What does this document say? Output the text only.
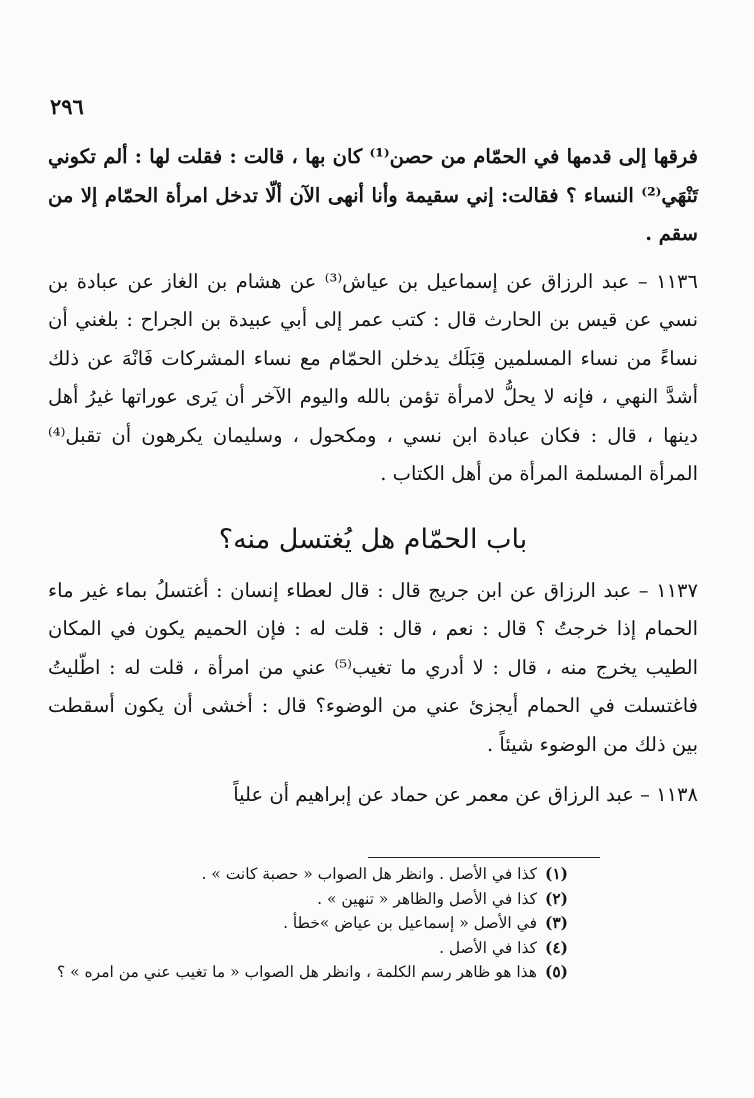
٢٩٦

فرقها إلى قدمها في الحمّام من حصن⁽¹⁾ كان بها ، قالت : فقلت لها : ألم تكوني تَنْهَي⁽²⁾ النساء ؟ فقالت: إني سقيمة وأنا أنهى الآن ألّا تدخل امرأة الحمّام إلا من سقم .

١١٣٦ – عبد الرزاق عن إسماعيل بن عياش⁽³⁾ عن هشام بن الغاز عن عبادة بن نسي عن قيس بن الحارث قال : كتب عمر إلى أبي عبيدة بن الجراح : بلغني أن نساءً من نساء المسلمين قِبَلَك يدخلن الحمّام مع نساء المشركات فَانْهَ عن ذلك أشدَّ النهي ، فإنه لا يحلُّ لامرأة تؤمن بالله واليوم الآخر أن يَرى عوراتها غيرُ أهل دينها ، قال : فكان عبادة ابن نسي ، ومكحول ، وسليمان يكرهون أن تقبل⁽⁴⁾ المرأة المسلمة المرأة من أهل الكتاب .

باب الحمّام هل يُغتسل منه؟

١١٣٧ – عبد الرزاق عن ابن جريج قال : قال لعطاء إنسان : أغتسلُ بماء غير ماء الحمام إذا خرجتُ ؟ قال : نعم ، قال : قلت له : فإن الحميم يكون في المكان الطيب يخرج منه ، قال : لا أدري ما تغيب⁽⁵⁾ عني من امرأة ، قلت له : اطّليتُ فاغتسلت في الحمام أيجزئ عني من الوضوء؟ قال : أخشى أن يكون أسقطت بين ذلك من الوضوء شيئاً .

١١٣٨ – عبد الرزاق عن معمر عن حماد عن إبراهيم أن علياً

(١)كذا في الأصل . وانظر هل الصواب « حصبة كانت » .
(٢)كذا في الأصل والظاهر « تنهين » .
(٣)في الأصل « إسماعيل بن عياض »خطأ .
(٤)كذا في الأصل .
(٥)هذا هو ظاهر رسم الكلمة ، وانظر هل الصواب « ما تغيب عني من امره » ؟
